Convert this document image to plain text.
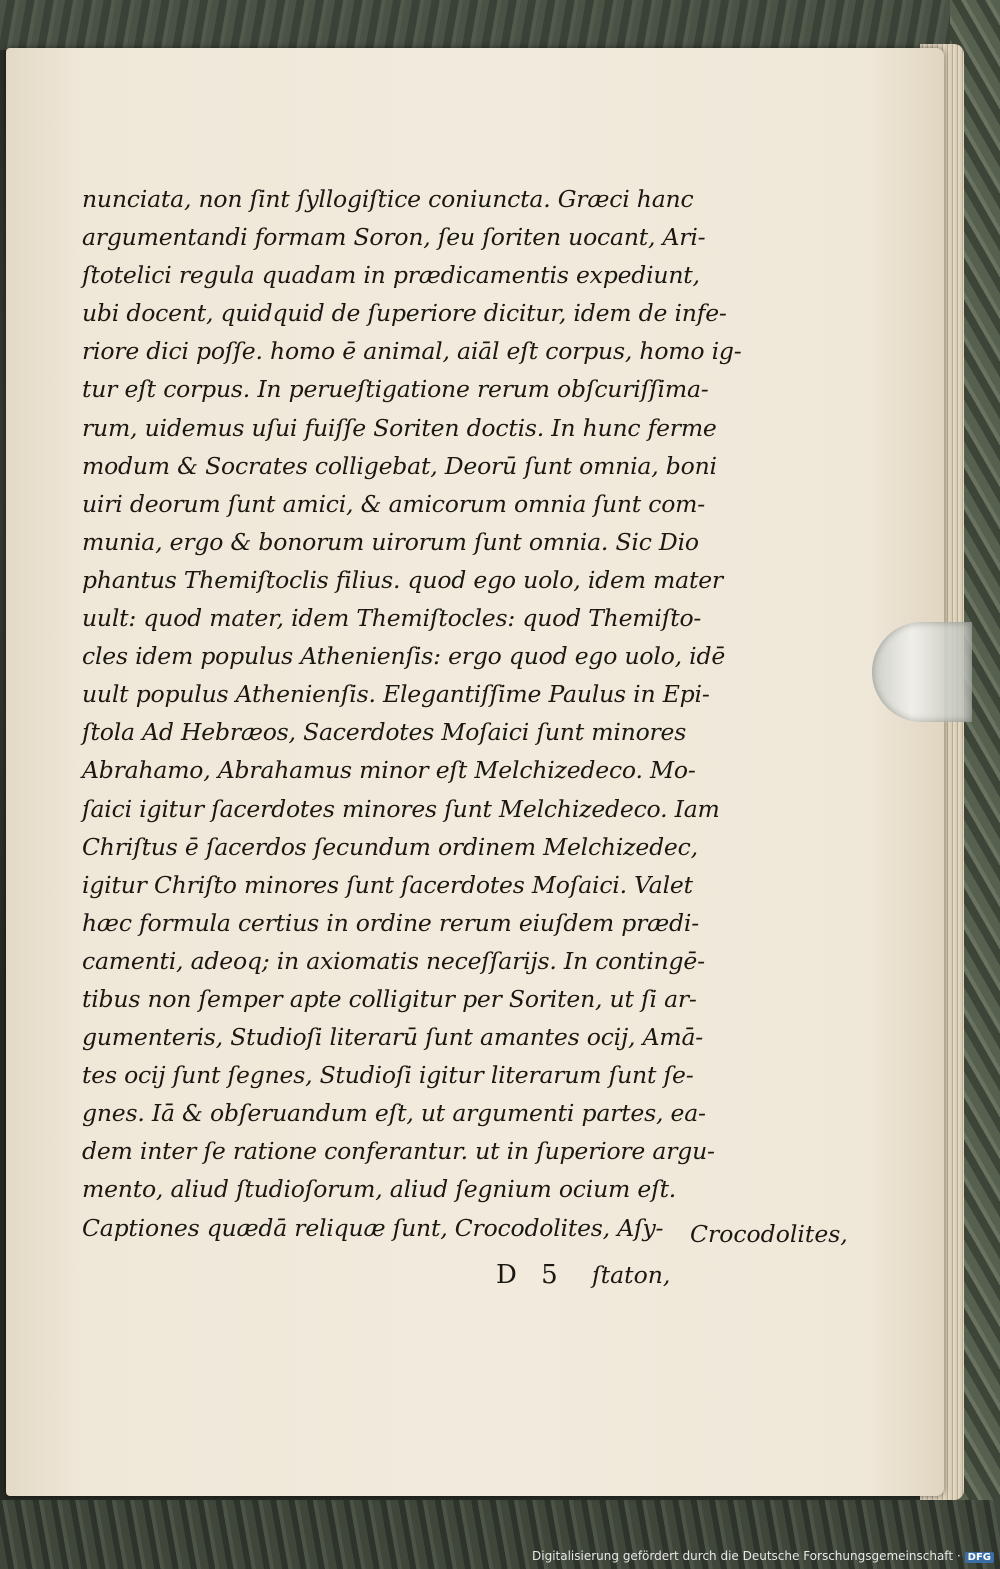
nunciata, non ſint ſyllogiſtice coniuncta. Græci hanc
argumentandi formam Soron, ſeu ſoriten uocant, Ari-
ſtotelici regula quadam in prædicamentis expediunt,
ubi docent, quidquid de ſuperiore dicitur, idem de infe-
riore dici poſſe. homo ē animal, aiāl eſt corpus, homo ig-
tur eſt corpus. In perueſtigatione rerum obſcuriſſima-
rum, uidemus uſui fuiſſe Soriten doctis. In hunc ferme
modum & Socrates colligebat, Deorū ſunt omnia, boni
uiri deorum ſunt amici, & amicorum omnia ſunt com-
munia, ergo & bonorum uirorum ſunt omnia. Sic Dio
phantus Themiſtoclis filius. quod ego uolo, idem mater
uult: quod mater, idem Themiſtocles: quod Themiſto-
cles idem populus Athenienſis: ergo quod ego uolo, idē
uult populus Athenienſis. Elegantiſſime Paulus in Epi-
ſtola Ad Hebræos, Sacerdotes Moſaici ſunt minores
Abrahamo, Abrahamus minor eſt Melchizedeco. Mo-
ſaici igitur ſacerdotes minores ſunt Melchizedeco. Iam
Chriſtus ē ſacerdos ſecundum ordinem Melchizedec,
igitur Chriſto minores ſunt ſacerdotes Moſaici. Valet
hæc formula certius in ordine rerum eiuſdem prædi-
camenti, adeoq; in axiomatis neceſſarijs. In contingē-
tibus non ſemper apte colligitur per Soriten, ut ſi ar-
gumenteris, Studioſi literarū ſunt amantes ocij, Amā-
tes ocij ſunt ſegnes, Studioſi igitur literarum ſunt ſe-
gnes. Iā & obſeruandum eſt, ut argumenti partes, ea-
dem inter ſe ratione conferantur. ut in ſuperiore argu-
mento, aliud ſtudioſorum, aliud ſegnium ocium eſt.
Captiones quædā reliquæ ſunt, Crocodolites, Aſy-	Crocodolites,
D 5 ſtaton,
Digitalisierung gefördert durch die Deutsche Forschungsgemeinschaft · DFG
